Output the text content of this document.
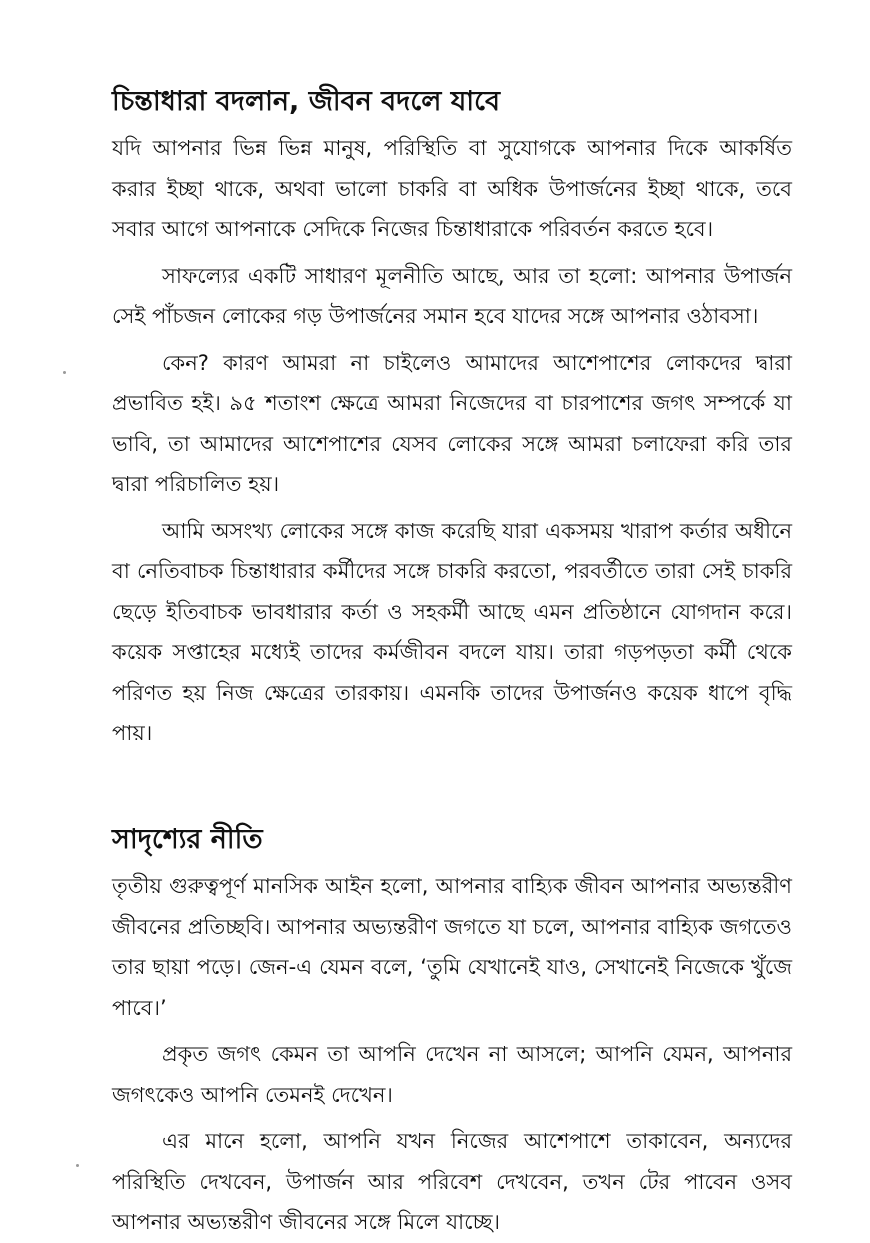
চিন্তাধারা বদলান, জীবন বদলে যাবে

যদি আপনার ভিন্ন ভিন্ন মানুষ, পরিস্থিতি বা সুযোগকে আপনার দিকে আকর্ষিত করার ইচ্ছা থাকে, অথবা ভালো চাকরি বা অধিক উপার্জনের ইচ্ছা থাকে, তবে সবার আগে আপনাকে সেদিকে নিজের চিন্তাধারাকে পরিবর্তন করতে হবে।

সাফল্যের একটি সাধারণ মূলনীতি আছে, আর তা হলো: আপনার উপার্জন সেই পাঁচজন লোকের গড় উপার্জনের সমান হবে যাদের সঙ্গে আপনার ওঠাবসা।

কেন? কারণ আমরা না চাইলেও আমাদের আশেপাশের লোকদের দ্বারা প্রভাবিত হই। ৯৫ শতাংশ ক্ষেত্রে আমরা নিজেদের বা চারপাশের জগৎ সম্পর্কে যা ভাবি, তা আমাদের আশেপাশের যেসব লোকের সঙ্গে আমরা চলাফেরা করি তার দ্বারা পরিচালিত হয়।

আমি অসংখ্য লোকের সঙ্গে কাজ করেছি যারা একসময় খারাপ কর্তার অধীনে বা নেতিবাচক চিন্তাধারার কর্মীদের সঙ্গে চাকরি করতো, পরবর্তীতে তারা সেই চাকরি ছেড়ে ইতিবাচক ভাবধারার কর্তা ও সহকর্মী আছে এমন প্রতিষ্ঠানে যোগদান করে। কয়েক সপ্তাহের মধ্যেই তাদের কর্মজীবন বদলে যায়। তারা গড়পড়তা কর্মী থেকে পরিণত হয় নিজ ক্ষেত্রের তারকায়। এমনকি তাদের উপার্জনও কয়েক ধাপে বৃদ্ধি পায়।

সাদৃশ্যের নীতি

তৃতীয় গুরুত্বপূর্ণ মানসিক আইন হলো, আপনার বাহ্যিক জীবন আপনার অভ্যন্তরীণ জীবনের প্রতিচ্ছবি। আপনার অভ্যন্তরীণ জগতে যা চলে, আপনার বাহ্যিক জগতেও তার ছায়া পড়ে। জেন-এ যেমন বলে, ‘তুমি যেখানেই যাও, সেখানেই নিজেকে খুঁজে পাবে।’

প্রকৃত জগৎ কেমন তা আপনি দেখেন না আসলে; আপনি যেমন, আপনার জগৎকেও আপনি তেমনই দেখেন।

এর মানে হলো, আপনি যখন নিজের আশেপাশে তাকাবেন, অন্যদের পরিস্থিতি দেখবেন, উপার্জন আর পরিবেশ দেখবেন, তখন টের পাবেন ওসব আপনার অভ্যন্তরীণ জীবনের সঙ্গে মিলে যাচ্ছে।
